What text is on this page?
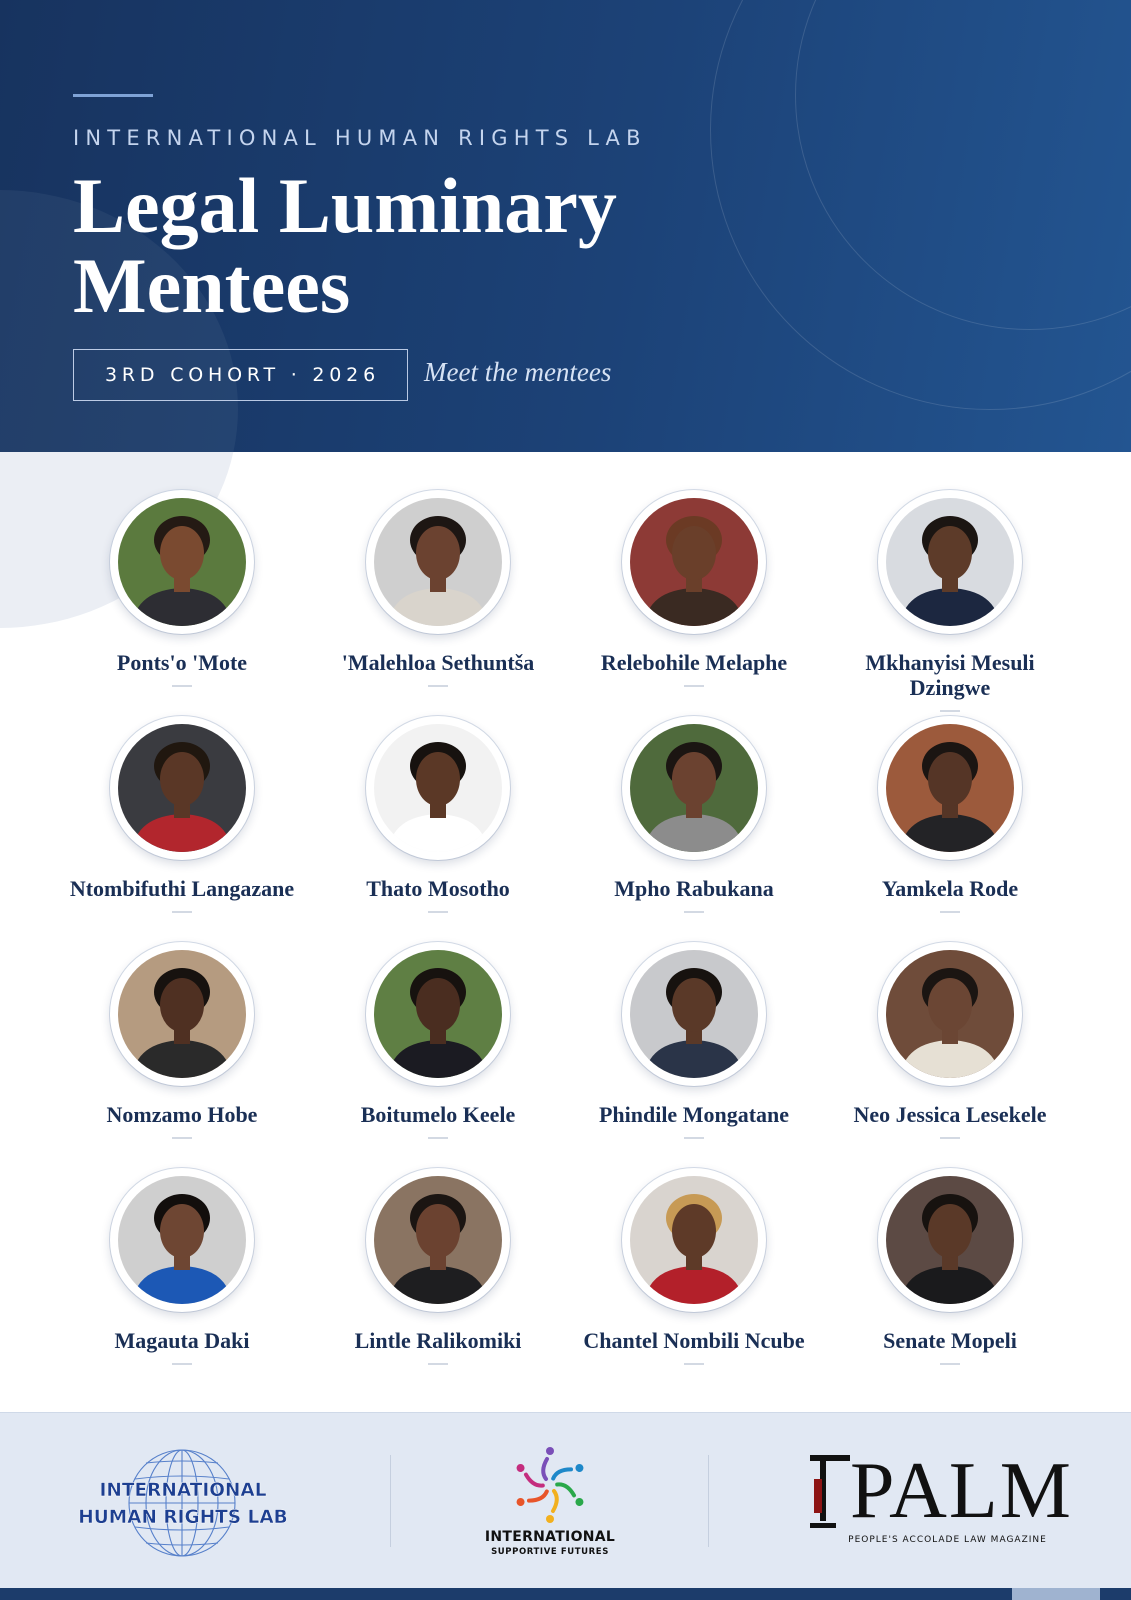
INTERNATIONAL HUMAN RIGHTS LAB
Legal Luminary
Mentees
3RD COHORT · 2026 Meet the mentees
Ponts'o 'Mote	'Malehloa Sethuntša	Relebohile Melaphe	Mkhanyisi Mesuli Dzingwe
Ntombifuthi Langazane	Thato Mosotho	Mpho Rabukana	Yamkela Rode
Nomzamo Hobe	Boitumelo Keele	Phindile Mongatane	Neo Jessica Lesekele
Magauta Daki	Lintle Ralikomiki	Chantel Nombili Ncube	Senate Mopeli
INTERNATIONAL
HUMAN RIGHTS LAB
INTERNATIONAL
SUPPORTIVE FUTURES
PALM
PEOPLE'S ACCOLADE LAW MAGAZINE
